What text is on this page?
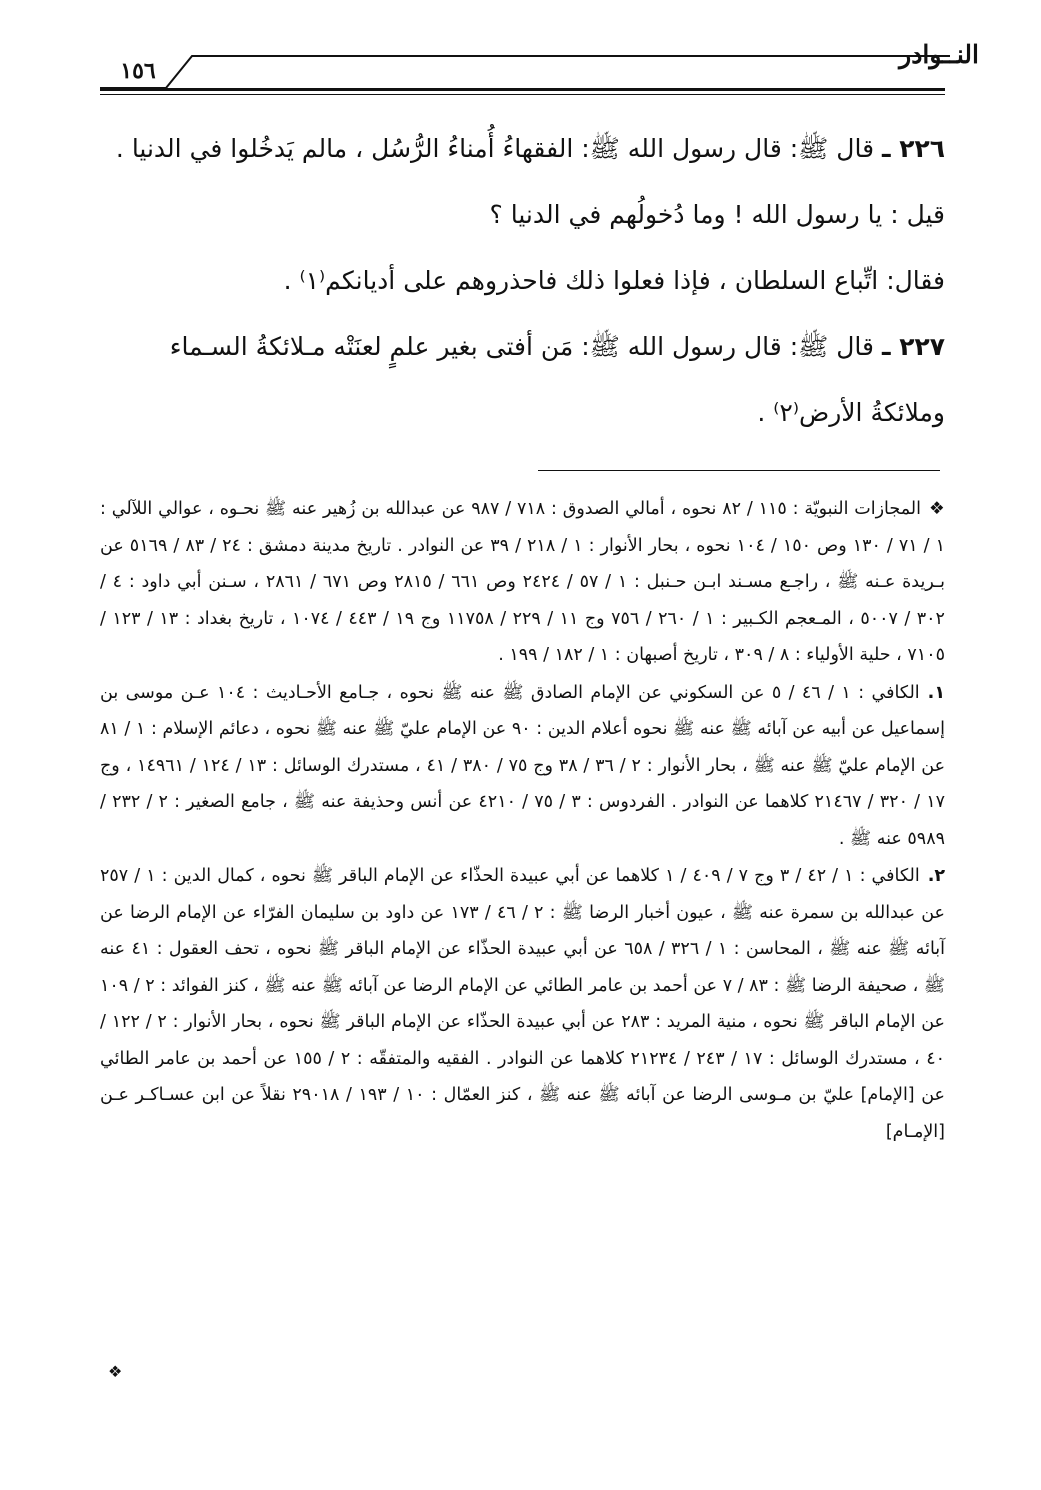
النــوادر
١٥٦

٢٢٦ ـ قال ﷺ: قال رسول الله ﷺ: الفقهاءُ أُمناءُ الرُّسُل ، مالم يَدخُلوا في الدنيا .

قيل : يا رسول الله ! وما دُخولُهم في الدنيا ؟

فقال: اتِّباع السلطان ، فإذا فعلوا ذلك فاحذروهم على أديانكم⁽١⁾ .

٢٢٧ ـ قال ﷺ: قال رسول الله ﷺ: مَن أفتى بغير علمٍ لعنَتْه مـلائكةُ السـماء

وملائكةُ الأرض⁽٢⁾ .

❖المجازات النبويّة : ١١٥ / ٨٢ نحوه ، أمالي الصدوق : ٧١٨ / ٩٨٧ عن عبدالله بن زُهير عنه ﷺ نحـوه ، عوالي اللآلي : ١ / ٧١ / ١٣٠ وص ١٥٠ / ١٠٤ نحوه ، بحار الأنوار : ١ / ٢١٨ / ٣٩ عن النوادر . تاريخ مدينة دمشق : ٢٤ / ٨٣ / ٥١٦٩ عن بـريدة عـنه ﷺ ، راجـع مسـند ابـن حـنبل : ١ / ٥٧ / ٢٤٢٤ وص ٦٦١ / ٢٨١٥ وص ٦٧١ / ٢٨٦١ ، سـنن أبي داود : ٤ / ٣٠٢ / ٥٠٠٧ ، المـعجم الكـبير : ١ / ٢٦٠ / ٧٥٦ وج ١١ / ٢٢٩ / ١١٧٥٨ وج ١٩ / ٤٤٣ / ١٠٧٤ ، تاريخ بغداد : ١٣ / ١٢٣ / ٧١٠٥ ، حلية الأولياء : ٨ / ٣٠٩ ، تاريخ أصبهان : ١ / ١٨٢ / ١٩٩ .

١.الكافي : ١ / ٤٦ / ٥ عن السكوني عن الإمام الصادق ﷺ عنه ﷺ نحوه ، جـامع الأحـاديث : ١٠٤ عـن موسى بن إسماعيل عن أبيه عن آبائه ﷺ عنه ﷺ نحوه أعلام الدين : ٩٠ عن الإمام عليّ ﷺ عنه ﷺ نحوه ، دعائم الإسلام : ١ / ٨١ عن الإمام عليّ ﷺ عنه ﷺ ، بحار الأنوار : ٢ / ٣٦ / ٣٨ وج ٧٥ / ٣٨٠ / ٤١ ، مستدرك الوسائل : ١٣ / ١٢٤ / ١٤٩٦١ ، وج ١٧ / ٣٢٠ / ٢١٤٦٧ كلاهما عن النوادر . الفردوس : ٣ / ٧٥ / ٤٢١٠ عن أنس وحذيفة عنه ﷺ ، جامع الصغير : ٢ / ٢٣٢ / ٥٩٨٩ عنه ﷺ .

٢.الكافي : ١ / ٤٢ / ٣ وج ٧ / ٤٠٩ / ١ كلاهما عن أبي عبيدة الحذّاء عن الإمام الباقر ﷺ نحوه ، كمال الدين : ١ / ٢٥٧ عن عبدالله بن سمرة عنه ﷺ ، عيون أخبار الرضا ﷺ : ٢ / ٤٦ / ١٧٣ عن داود بن سليمان الفرّاء عن الإمام الرضا عن آبائه ﷺ عنه ﷺ ، المحاسن : ١ / ٣٢٦ / ٦٥٨ عن أبي عبيدة الحذّاء عن الإمام الباقر ﷺ نحوه ، تحف العقول : ٤١ عنه ﷺ ، صحيفة الرضا ﷺ : ٨٣ / ٧ عن أحمد بن عامر الطائي عن الإمام الرضا عن آبائه ﷺ عنه ﷺ ، كنز الفوائد : ٢ / ١٠٩ عن الإمام الباقر ﷺ نحوه ، منية المريد : ٢٨٣ عن أبي عبيدة الحذّاء عن الإمام الباقر ﷺ نحوه ، بحار الأنوار : ٢ / ١٢٢ / ٤٠ ، مستدرك الوسائل : ١٧ / ٢٤٣ / ٢١٢٣٤ كلاهما عن النوادر . الفقيه والمتفقّه : ٢ / ١٥٥ عن أحمد بن عامر الطائي عن [الإمام] عليّ بن مـوسى الرضا عن آبائه ﷺ عنه ﷺ ، كنز العمّال : ١٠ / ١٩٣ / ٢٩٠١٨ نقلاً عن ابن عسـاكـر عـن [الإمـام]

❖
